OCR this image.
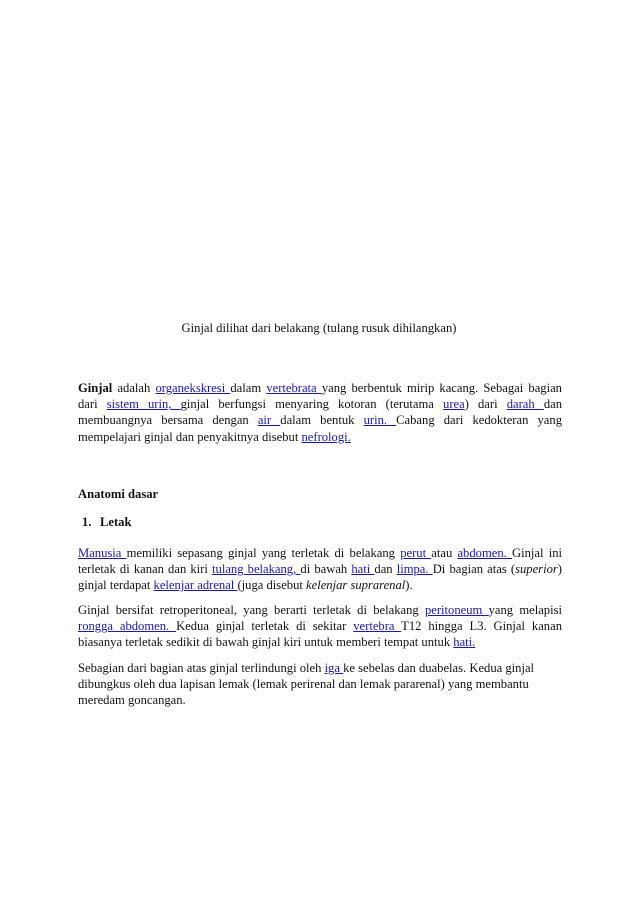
Ginjal dilihat dari belakang (tulang rusuk dihilangkan)

Ginjal adalah organekskresi dalam vertebrata yang berbentuk mirip kacang. Sebagai bagian dari sistem urin, ginjal berfungsi menyaring kotoran (terutama urea) dari darah dan membuangnya bersama dengan air dalam bentuk urin. Cabang dari kedokteran yang mempelajari ginjal dan penyakitnya disebut nefrologi.

Anatomi dasar
1. Letak

Manusia memiliki sepasang ginjal yang terletak di belakang perut atau abdomen. Ginjal ini terletak di kanan dan kiri tulang belakang, di bawah hati dan limpa. Di bagian atas (superior) ginjal terdapat kelenjar adrenal (juga disebut kelenjar suprarenal).

Ginjal bersifat retroperitoneal, yang berarti terletak di belakang peritoneum yang melapisi rongga abdomen. Kedua ginjal terletak di sekitar vertebra T12 hingga L3. Ginjal kanan biasanya terletak sedikit di bawah ginjal kiri untuk memberi tempat untuk hati.

Sebagian dari bagian atas ginjal terlindungi oleh iga ke sebelas dan duabelas. Kedua ginjal
dibungkus oleh dua lapisan lemak (lemak perirenal dan lemak pararenal) yang membantu
meredam goncangan.
